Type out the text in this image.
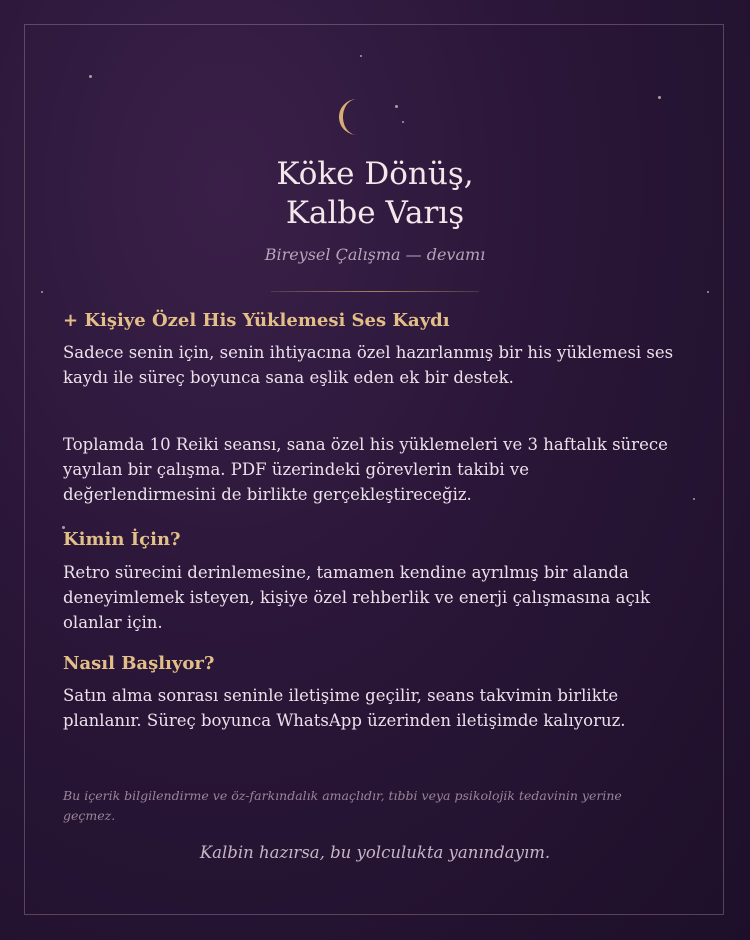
Köke Dönüş,
Kalbe Varış
Bireysel Çalışma — devamı
+ Kişiye Özel His Yüklemesi Ses Kaydı

Sadece senin için, senin ihtiyacına özel hazırlanmış bir his yüklemesi ses kaydı ile süreç boyunca sana eşlik eden ek bir destek.

Toplamda 10 Reiki seansı, sana özel his yüklemeleri ve 3 haftalık sürece yayılan bir çalışma. PDF üzerindeki görevlerin takibi ve değerlendirmesini de birlikte gerçekleştireceğiz.

Kimin İçin?

Retro sürecini derinlemesine, tamamen kendine ayrılmış bir alanda deneyimlemek isteyen, kişiye özel rehberlik ve enerji çalışmasına açık olanlar için.

Nasıl Başlıyor?

Satın alma sonrası seninle iletişime geçilir, seans takvimin birlikte planlanır. Süreç boyunca WhatsApp üzerinden iletişimde kalıyoruz.

Bu içerik bilgilendirme ve öz-farkındalık amaçlıdır, tıbbi veya psikolojik tedavinin yerine geçmez.

Kalbin hazırsa, bu yolculukta yanındayım.
